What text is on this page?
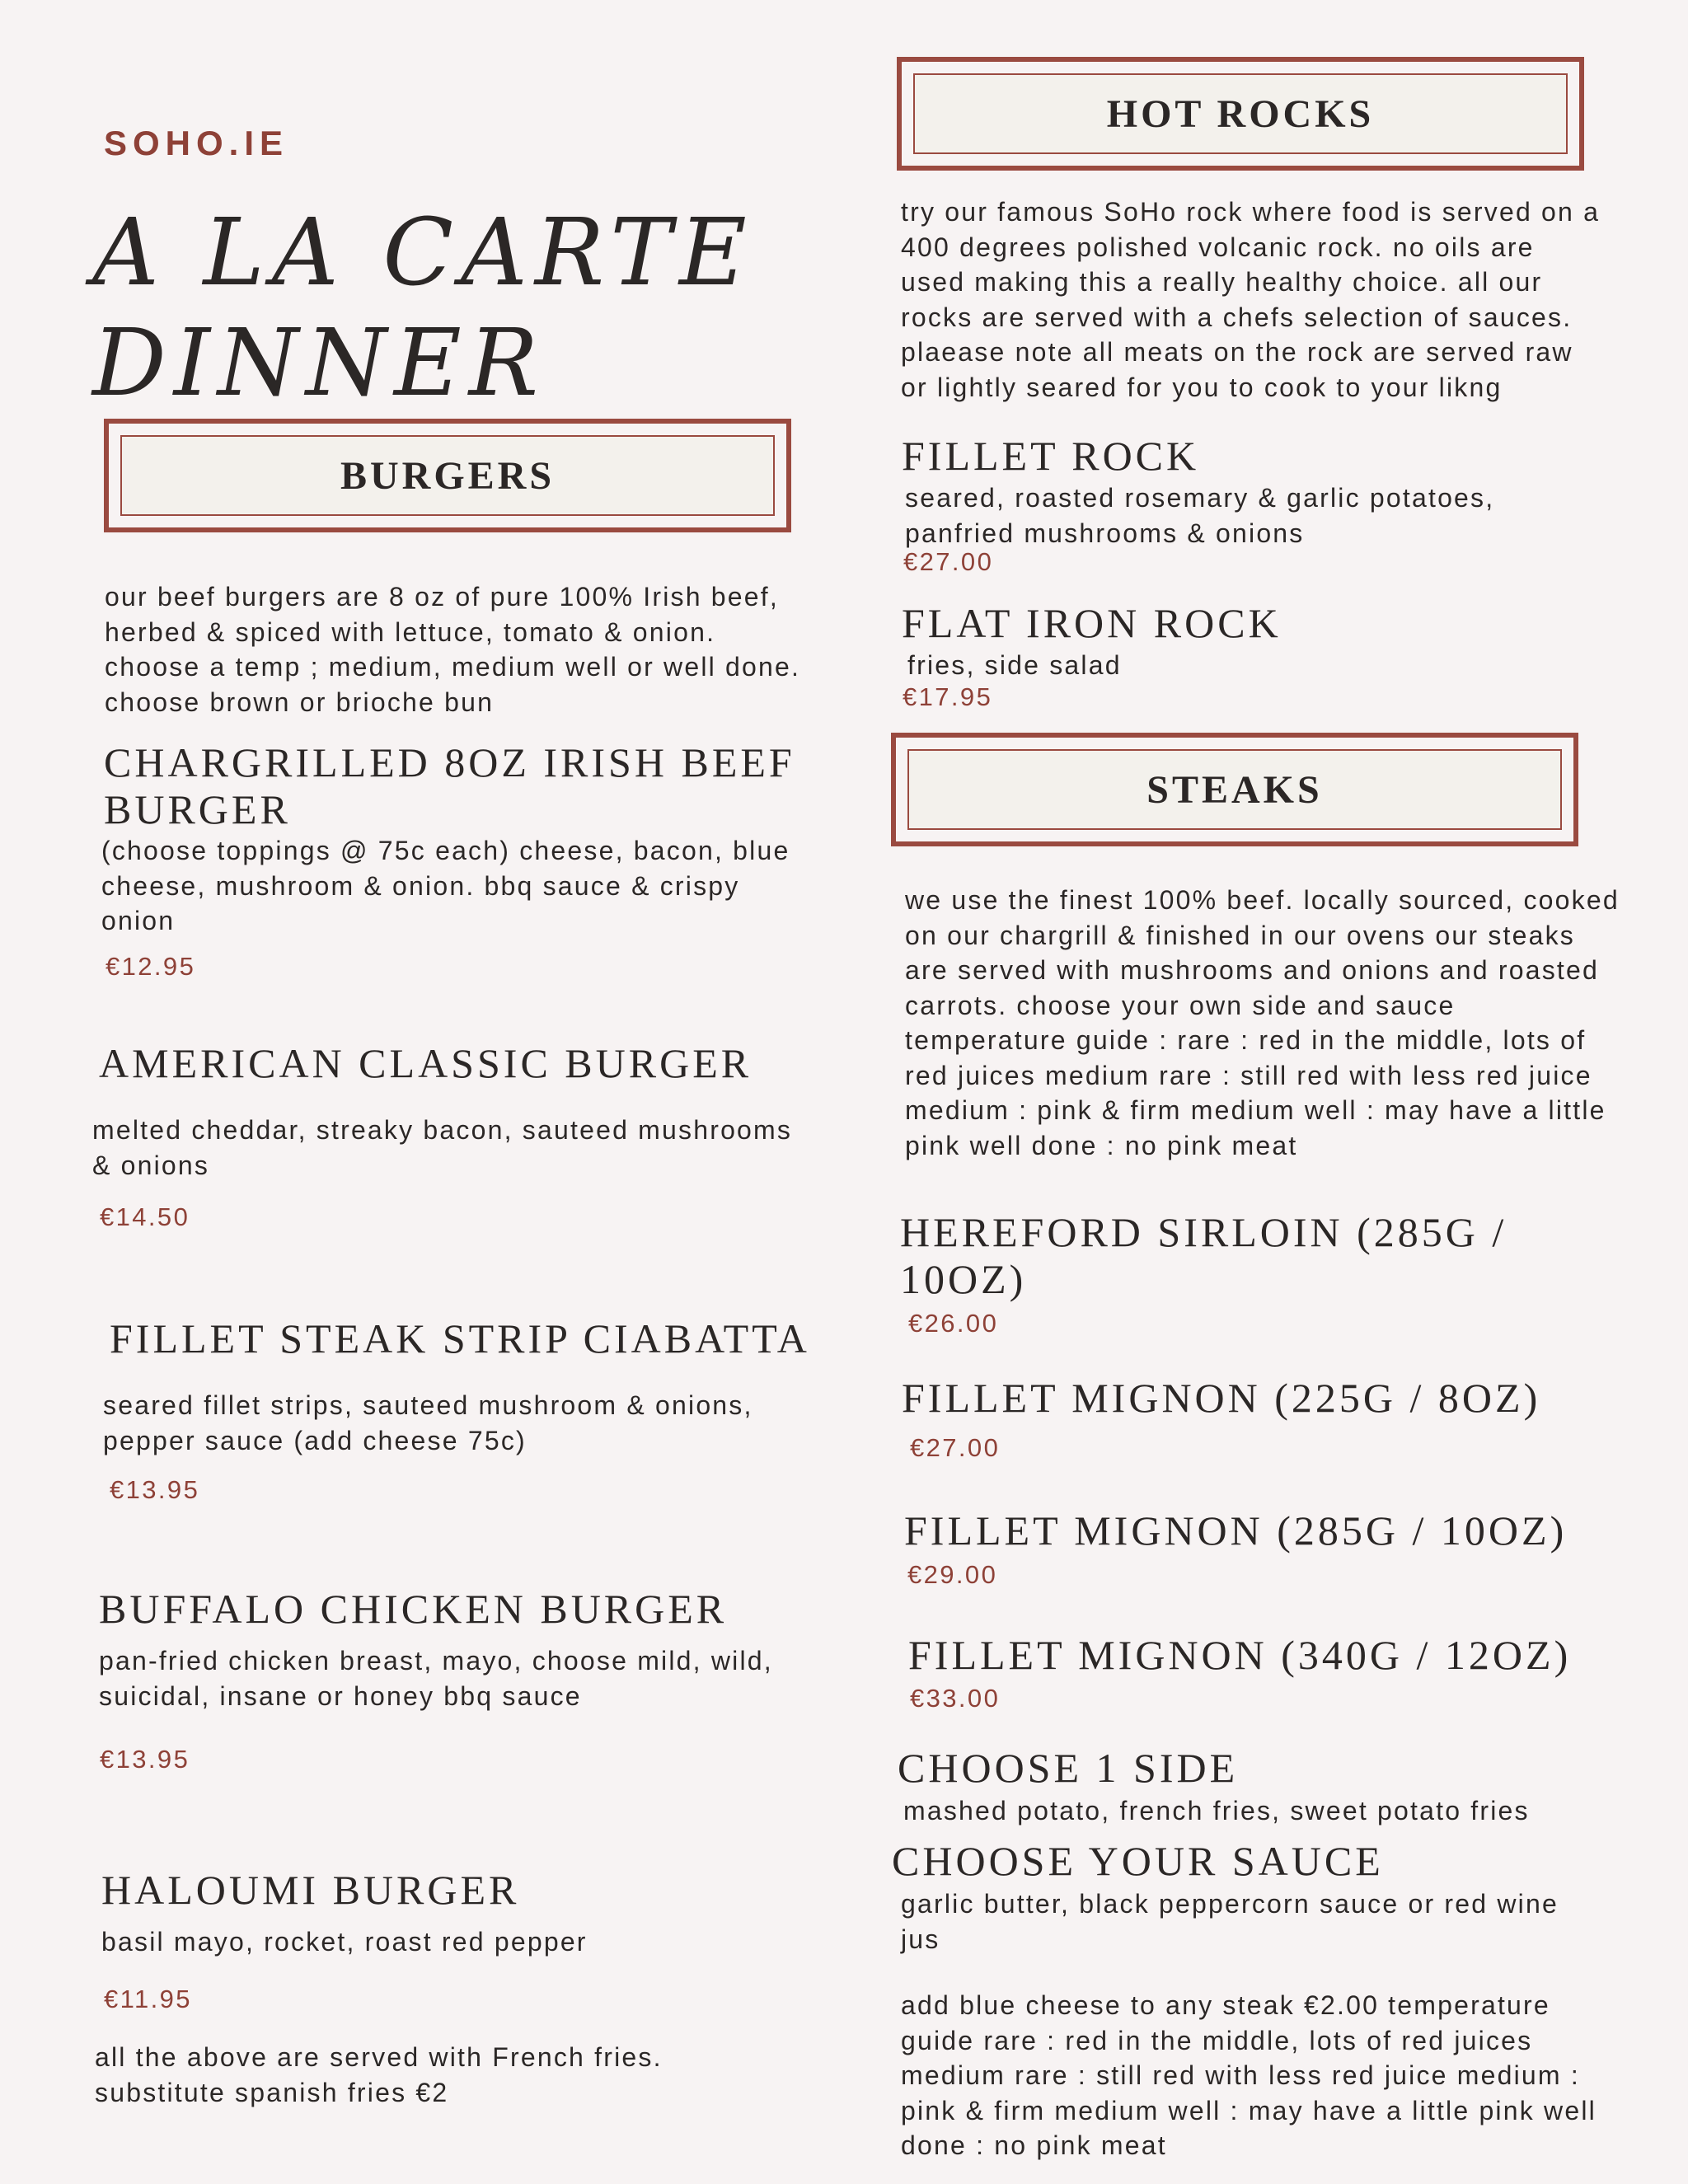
SOHO.IE
A LA CARTE
DINNER
BURGERS
our beef burgers are 8 oz of pure 100% Irish beef, herbed & spiced with lettuce, tomato & onion. choose a temp ; medium, medium well or well done. choose brown or brioche bun
CHARGRILLED 8OZ IRISH BEEF BURGER
(choose toppings @ 75c each) cheese, bacon, blue cheese, mushroom & onion. bbq sauce & crispy onion
€12.95
AMERICAN CLASSIC BURGER
melted cheddar, streaky bacon, sauteed mushrooms & onions
€14.50
FILLET STEAK STRIP CIABATTA
seared fillet strips, sauteed mushroom & onions, pepper sauce (add cheese 75c)
€13.95
BUFFALO CHICKEN BURGER
pan-fried chicken breast, mayo, choose mild, wild, suicidal, insane or honey bbq sauce
€13.95
HALOUMI BURGER
basil mayo, rocket, roast red pepper
€11.95
all the above are served with French fries. substitute spanish fries €2
HOT ROCKS
try our famous SoHo rock where food is served on a 400 degrees polished volcanic rock. no oils are used making this a really healthy choice. all our rocks are served with a chefs selection of sauces. plaease note all meats on the rock are served raw or lightly seared for you to cook to your likng
FILLET ROCK
seared, roasted rosemary & garlic potatoes, panfried mushrooms & onions
€27.00
FLAT IRON ROCK
fries, side salad
€17.95
STEAKS
we use the finest 100% beef. locally sourced, cooked on our chargrill & finished in our ovens our steaks are served with mushrooms and onions and roasted carrots. choose your own side and sauce temperature guide : rare : red in the middle, lots of red juices medium rare : still red with less red juice medium : pink & firm medium well : may have a little pink well done : no pink meat
HEREFORD SIRLOIN (285G / 10OZ)
€26.00
FILLET MIGNON (225G / 8OZ)
€27.00
FILLET MIGNON (285G / 10OZ)
€29.00
FILLET MIGNON (340G / 12OZ)
€33.00
CHOOSE 1 SIDE
mashed potato, french fries, sweet potato fries
CHOOSE YOUR SAUCE
garlic butter, black peppercorn sauce or red wine jus
add blue cheese to any steak €2.00 temperature guide rare : red in the middle, lots of red juices medium rare : still red with less red juice medium : pink & firm medium well : may have a little pink well done : no pink meat
